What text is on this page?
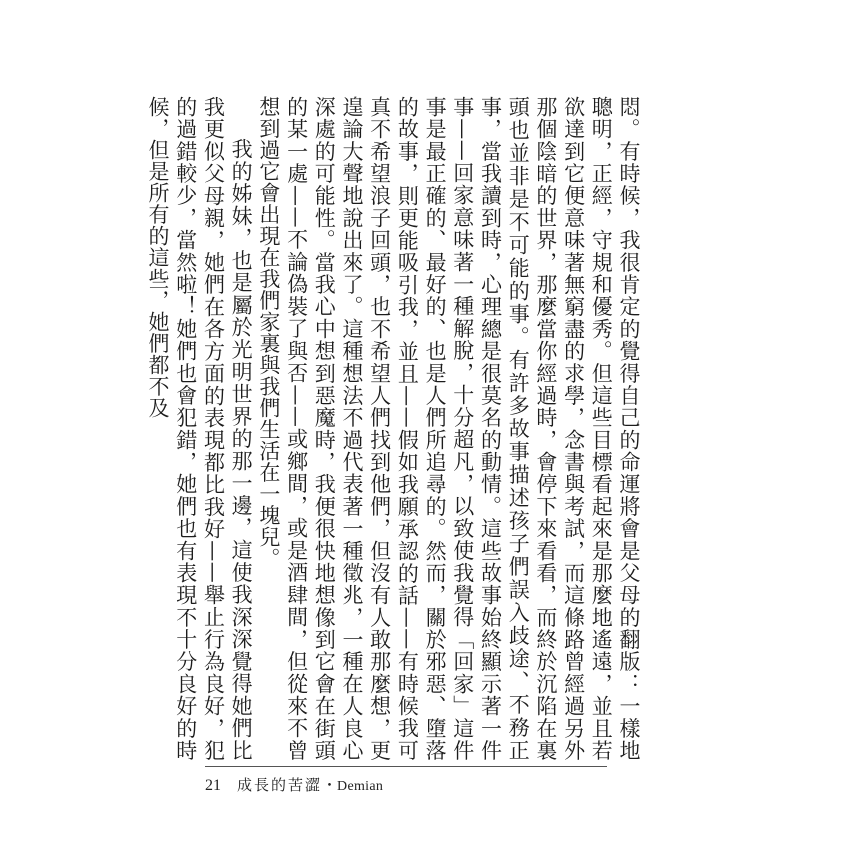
悶。有時候，我很肯定的覺得自己的命運將會是父母的翻版：一樣地聰明，正經，守規和優秀。但這些目標看起來是那麼地遙遠，並且若欲達到它便意味著無窮盡的求學，念書與考試，而這條路曾經過另外那個陰暗的世界，那麼當你經過時，會停下來看看，而終於沉陷在裏頭也並非是不可能的事。有許多故事描述孩子們誤入歧途、不務正事，當我讀到時，心理總是很莫名的動情。這些故事始終顯示著一件事——回家意味著一種解脫，十分超凡，以致使我覺得「回家」這件事是最正確的、最好的、也是人們所追尋的。然而，關於邪惡、墮落的故事，則更能吸引我，並且——假如我願承認的話——有時候我可真不希望浪子回頭，也不希望人們找到他們，但沒有人敢那麼想，更遑論大聲地說出來了。這種想法不過代表著一種徵兆，一種在人良心深處的可能性。當我心中想到惡魔時，我便很快地想像到它會在街頭的某一處——不論偽裝了與否——或鄉間，或是酒肆間，但從來不曾想到過它會出現在我們家裏與我們生活在一塊兒。

我的姊妹，也是屬於光明世界的那一邊，這使我深深覺得她們比我更似父母親，她們在各方面的表現都比我好——舉止行為良好，犯的過錯較少，當然啦！她們也會犯錯，她們也有表現不十分良好的時候，但是所有的這些，她們都不及

21 成長的苦澀 ・ Demian
